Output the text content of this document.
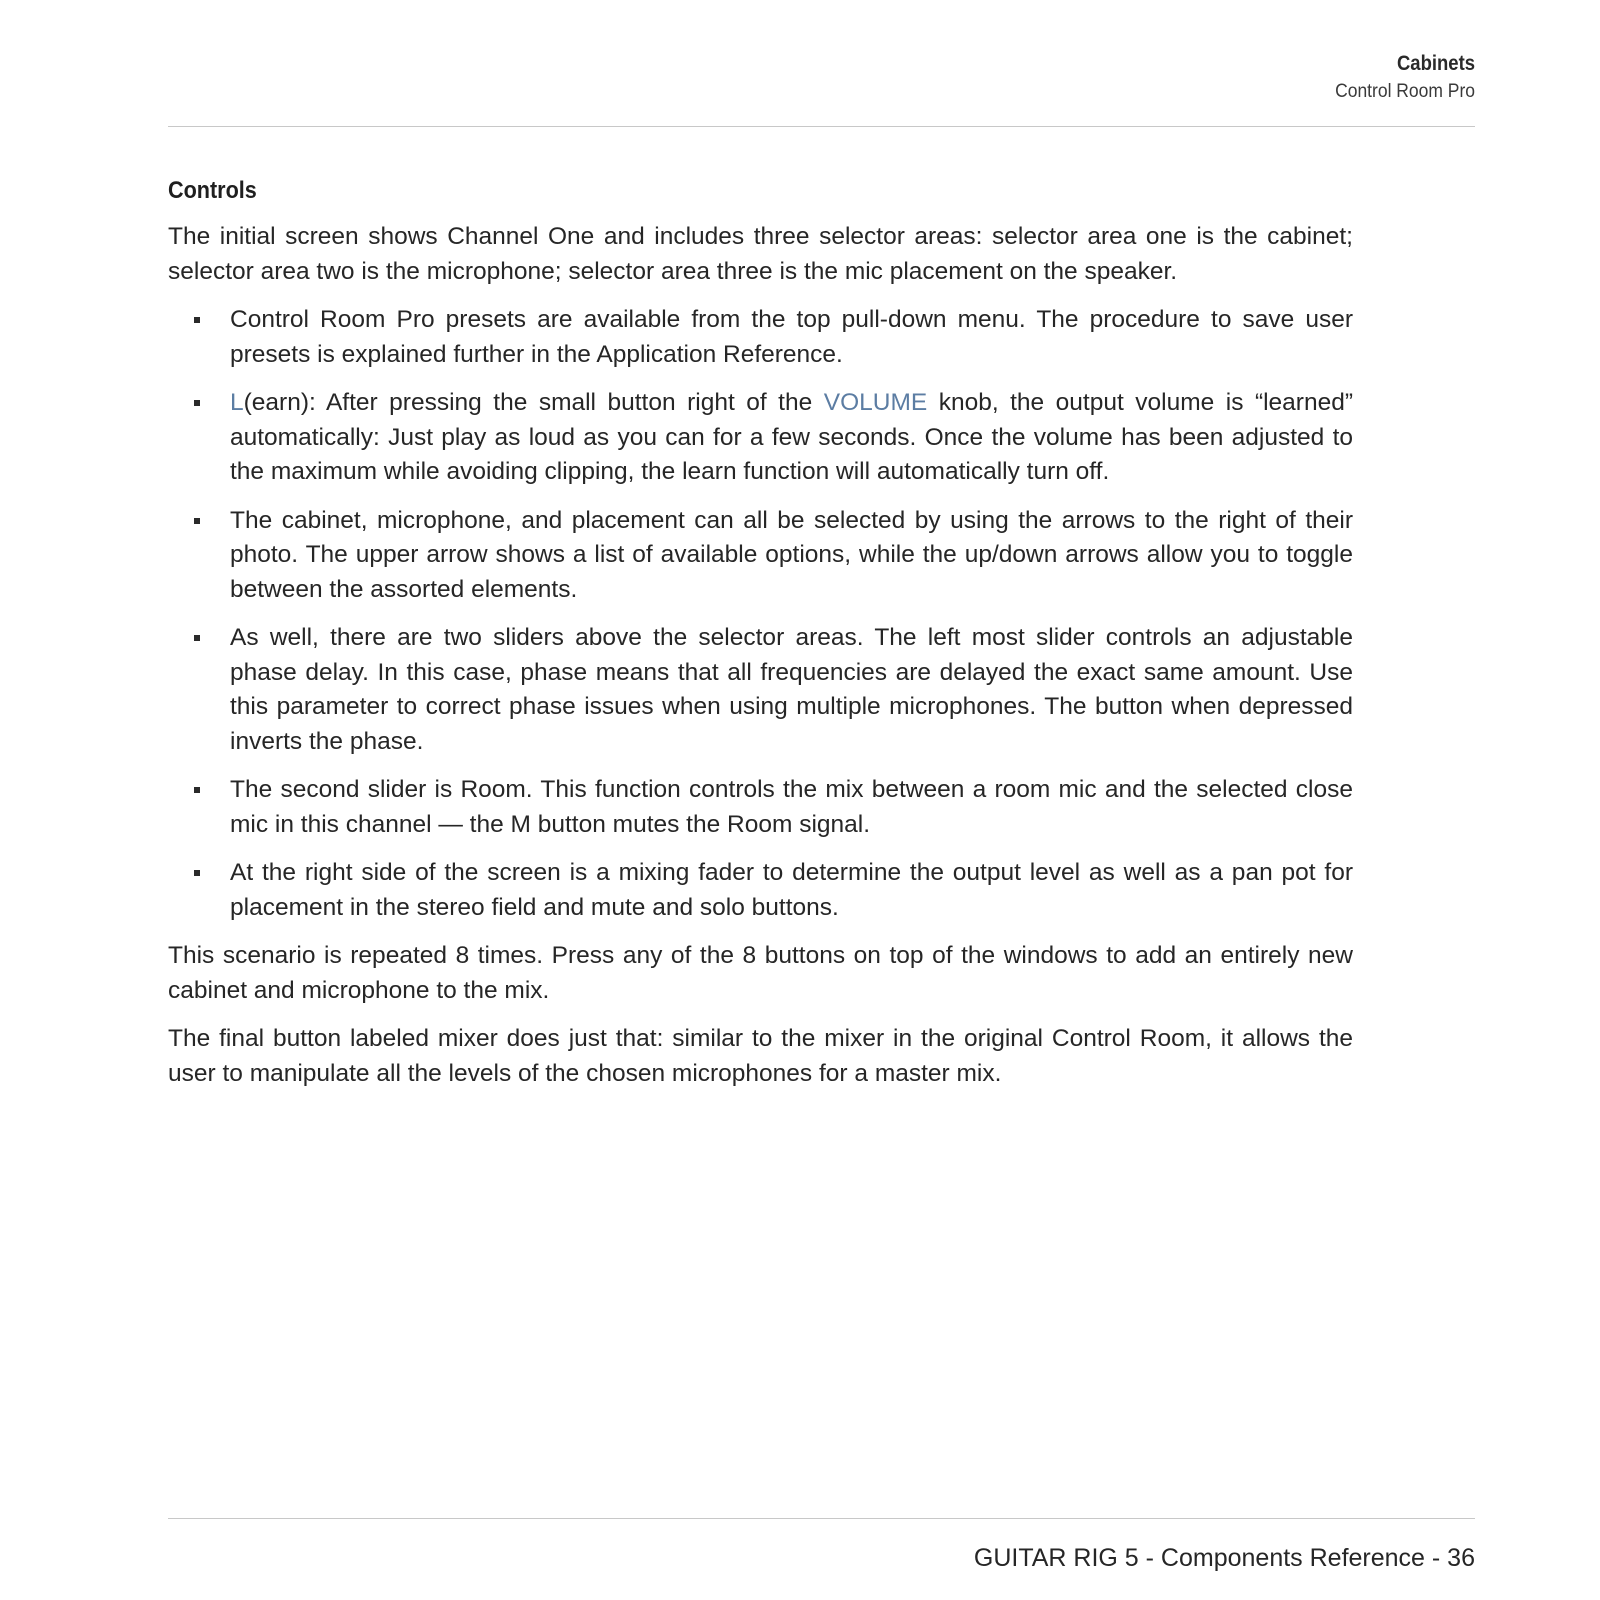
Cabinets
Control Room Pro
Controls

The initial screen shows Channel One and includes three selector areas: selector area one is the cabinet; selector area two is the microphone; selector area three is the mic placement on the speaker.

Control Room Pro presets are available from the top pull-down menu. The procedure to save user presets is explained further in the Application Reference.
L(earn): After pressing the small button right of the VOLUME knob, the output volume is “learned” automatically: Just play as loud as you can for a few seconds. Once the volume has been adjusted to the maximum while avoiding clipping, the learn function will automatically turn off.
The cabinet, microphone, and placement can all be selected by using the arrows to the right of their photo. The upper arrow shows a list of available options, while the up/down arrows allow you to toggle between the assorted elements.
As well, there are two sliders above the selector areas. The left most slider controls an adjustable phase delay. In this case, phase means that all frequencies are delayed the exact same amount. Use this parameter to correct phase issues when using multiple microphones. The button when depressed inverts the phase.
The second slider is Room. This function controls the mix between a room mic and the selected close mic in this channel — the M button mutes the Room signal.
At the right side of the screen is a mixing fader to determine the output level as well as a pan pot for placement in the stereo field and mute and solo buttons.

This scenario is repeated 8 times. Press any of the 8 buttons on top of the windows to add an entirely new cabinet and microphone to the mix.

The final button labeled mixer does just that: similar to the mixer in the original Control Room, it allows the user to manipulate all the levels of the chosen microphones for a master mix.

GUITAR RIG 5 - Components Reference - 36
